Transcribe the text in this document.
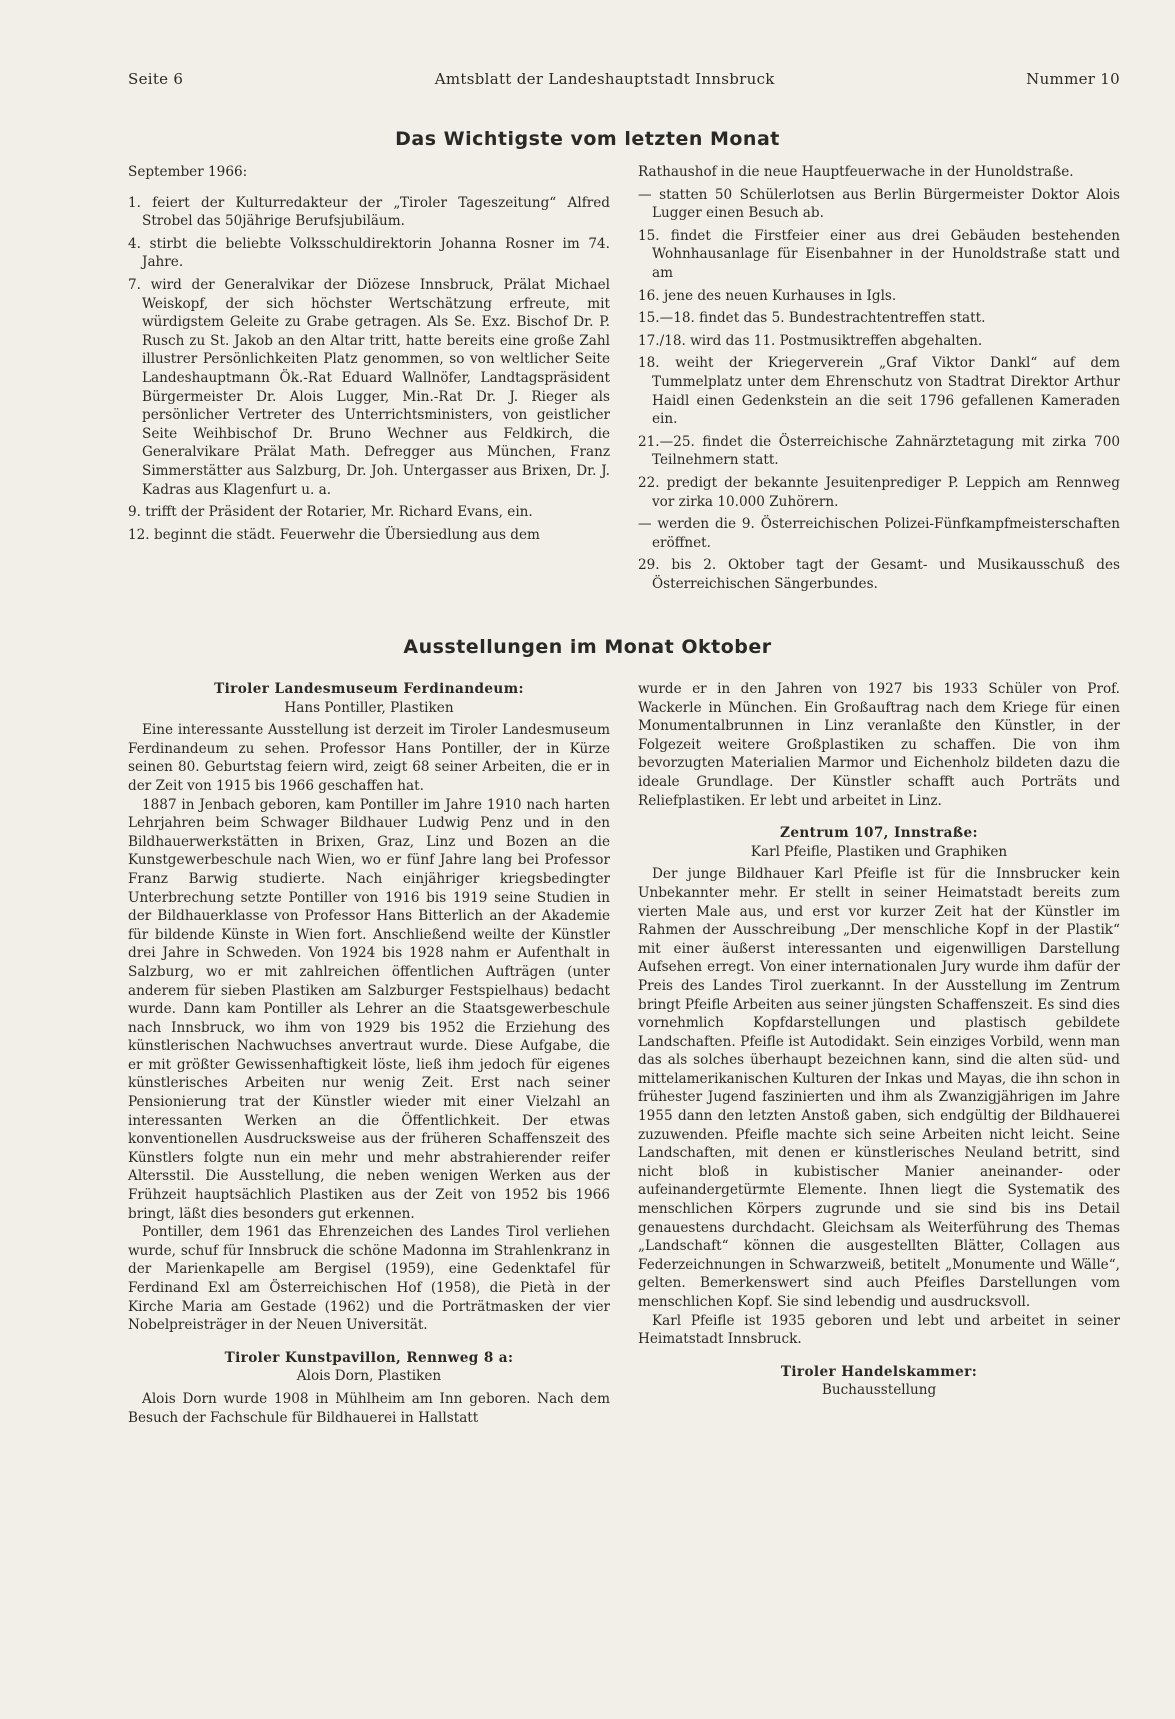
Seite 6	Amtsblatt der Landeshauptstadt Innsbruck	Nummer 10
Das Wichtigste vom letzten Monat

September 1966:

1. feiert der Kulturredakteur der „Tiroler Tageszeitung“ Alfred Strobel das 50jährige Berufsjubiläum.

4. stirbt die beliebte Volksschuldirektorin Johanna Rosner im 74. Jahre.

7. wird der Generalvikar der Diözese Innsbruck, Prälat Michael Weiskopf, der sich höchster Wertschätzung erfreute, mit würdigstem Geleite zu Grabe getragen. Als Se. Exz. Bischof Dr. P. Rusch zu St. Jakob an den Altar tritt, hatte bereits eine große Zahl illustrer Persönlichkeiten Platz genommen, so von weltlicher Seite Landeshauptmann Ök.-Rat Eduard Wallnöfer, Landtagspräsident Bürgermeister Dr. Alois Lugger, Min.-Rat Dr. J. Rieger als persönlicher Vertreter des Unterrichtsministers, von geistlicher Seite Weihbischof Dr. Bruno Wechner aus Feldkirch, die Generalvikare Prälat Math. Defregger aus München, Franz Simmerstätter aus Salzburg, Dr. Joh. Untergasser aus Brixen, Dr. J. Kadras aus Klagenfurt u. a.

9. trifft der Präsident der Rotarier, Mr. Richard Evans, ein.

12. beginnt die städt. Feuerwehr die Übersiedlung aus dem

Rathaushof in die neue Hauptfeuerwache in der Hunoldstraße.

— statten 50 Schülerlotsen aus Berlin Bürgermeister Doktor Alois Lugger einen Besuch ab.

15. findet die Firstfeier einer aus drei Gebäuden bestehenden Wohnhausanlage für Eisenbahner in der Hunoldstraße statt und am

16. jene des neuen Kurhauses in Igls.

15.—18. findet das 5. Bundestrachtentreffen statt.

17./18. wird das 11. Postmusiktreffen abgehalten.

18. weiht der Kriegerverein „Graf Viktor Dankl“ auf dem Tummelplatz unter dem Ehrenschutz von Stadtrat Direktor Arthur Haidl einen Gedenkstein an die seit 1796 gefallenen Kameraden ein.

21.—25. findet die Österreichische Zahnärztetagung mit zirka 700 Teilnehmern statt.

22. predigt der bekannte Jesuitenprediger P. Leppich am Rennweg vor zirka 10.000 Zuhörern.

— werden die 9. Österreichischen Polizei-Fünfkampfmeisterschaften eröffnet.

29. bis 2. Oktober tagt der Gesamt- und Musikausschuß des Österreichischen Sängerbundes.

Ausstellungen im Monat Oktober

Tiroler Landesmuseum Ferdinandeum:

Hans Pontiller, Plastiken

Eine interessante Ausstellung ist derzeit im Tiroler Landesmuseum Ferdinandeum zu sehen. Professor Hans Pontiller, der in Kürze seinen 80. Geburtstag feiern wird, zeigt 68 seiner Arbeiten, die er in der Zeit von 1915 bis 1966 geschaffen hat.

1887 in Jenbach geboren, kam Pontiller im Jahre 1910 nach harten Lehrjahren beim Schwager Bildhauer Ludwig Penz und in den Bildhauerwerkstätten in Brixen, Graz, Linz und Bozen an die Kunstgewerbeschule nach Wien, wo er fünf Jahre lang bei Professor Franz Barwig studierte. Nach einjähriger kriegsbedingter Unterbrechung setzte Pontiller von 1916 bis 1919 seine Studien in der Bildhauerklasse von Professor Hans Bitterlich an der Akademie für bildende Künste in Wien fort. Anschließend weilte der Künstler drei Jahre in Schweden. Von 1924 bis 1928 nahm er Aufenthalt in Salzburg, wo er mit zahlreichen öffentlichen Aufträgen (unter anderem für sieben Plastiken am Salzburger Festspielhaus) bedacht wurde. Dann kam Pontiller als Lehrer an die Staatsgewerbeschule nach Innsbruck, wo ihm von 1929 bis 1952 die Erziehung des künstlerischen Nachwuchses anvertraut wurde. Diese Aufgabe, die er mit größter Gewissenhaftigkeit löste, ließ ihm jedoch für eigenes künstlerisches Arbeiten nur wenig Zeit. Erst nach seiner Pensionierung trat der Künstler wieder mit einer Vielzahl an interessanten Werken an die Öffentlichkeit. Der etwas konventionellen Ausdrucksweise aus der früheren Schaffenszeit des Künstlers folgte nun ein mehr und mehr abstrahierender reifer Altersstil. Die Ausstellung, die neben wenigen Werken aus der Frühzeit hauptsächlich Plastiken aus der Zeit von 1952 bis 1966 bringt, läßt dies besonders gut erkennen.

Pontiller, dem 1961 das Ehrenzeichen des Landes Tirol verliehen wurde, schuf für Innsbruck die schöne Madonna im Strahlenkranz in der Marienkapelle am Bergisel (1959), eine Gedenktafel für Ferdinand Exl am Österreichischen Hof (1958), die Pietà in der Kirche Maria am Gestade (1962) und die Porträtmasken der vier Nobelpreisträger in der Neuen Universität.

Tiroler Kunstpavillon, Rennweg 8 a:

Alois Dorn, Plastiken

Alois Dorn wurde 1908 in Mühlheim am Inn geboren. Nach dem Besuch der Fachschule für Bildhauerei in Hallstatt

wurde er in den Jahren von 1927 bis 1933 Schüler von Prof. Wackerle in München. Ein Großauftrag nach dem Kriege für einen Monumentalbrunnen in Linz veranlaßte den Künstler, in der Folgezeit weitere Großplastiken zu schaffen. Die von ihm bevorzugten Materialien Marmor und Eichenholz bildeten dazu die ideale Grundlage. Der Künstler schafft auch Porträts und Reliefplastiken. Er lebt und arbeitet in Linz.

Zentrum 107, Innstraße:

Karl Pfeifle, Plastiken und Graphiken

Der junge Bildhauer Karl Pfeifle ist für die Innsbrucker kein Unbekannter mehr. Er stellt in seiner Heimatstadt bereits zum vierten Male aus, und erst vor kurzer Zeit hat der Künstler im Rahmen der Ausschreibung „Der menschliche Kopf in der Plastik“ mit einer äußerst interessanten und eigenwilligen Darstellung Aufsehen erregt. Von einer internationalen Jury wurde ihm dafür der Preis des Landes Tirol zuerkannt. In der Ausstellung im Zentrum bringt Pfeifle Arbeiten aus seiner jüngsten Schaffenszeit. Es sind dies vornehmlich Kopfdarstellungen und plastisch gebildete Landschaften. Pfeifle ist Autodidakt. Sein einziges Vorbild, wenn man das als solches überhaupt bezeichnen kann, sind die alten süd- und mittelamerikanischen Kulturen der Inkas und Mayas, die ihn schon in frühester Jugend faszinierten und ihm als Zwanzigjährigen im Jahre 1955 dann den letzten Anstoß gaben, sich endgültig der Bildhauerei zuzuwenden. Pfeifle machte sich seine Arbeiten nicht leicht. Seine Landschaften, mit denen er künstlerisches Neuland betritt, sind nicht bloß in kubistischer Manier aneinander- oder aufeinandergetürmte Elemente. Ihnen liegt die Systematik des menschlichen Körpers zugrunde und sie sind bis ins Detail genauestens durchdacht. Gleichsam als Weiterführung des Themas „Landschaft“ können die ausgestellten Blätter, Collagen aus Federzeichnungen in Schwarzweiß, betitelt „Monumente und Wälle“, gelten. Bemerkenswert sind auch Pfeifles Darstellungen vom menschlichen Kopf. Sie sind lebendig und ausdrucksvoll.

Karl Pfeifle ist 1935 geboren und lebt und arbeitet in seiner Heimatstadt Innsbruck.

Tiroler Handelskammer:

Buchausstellung
